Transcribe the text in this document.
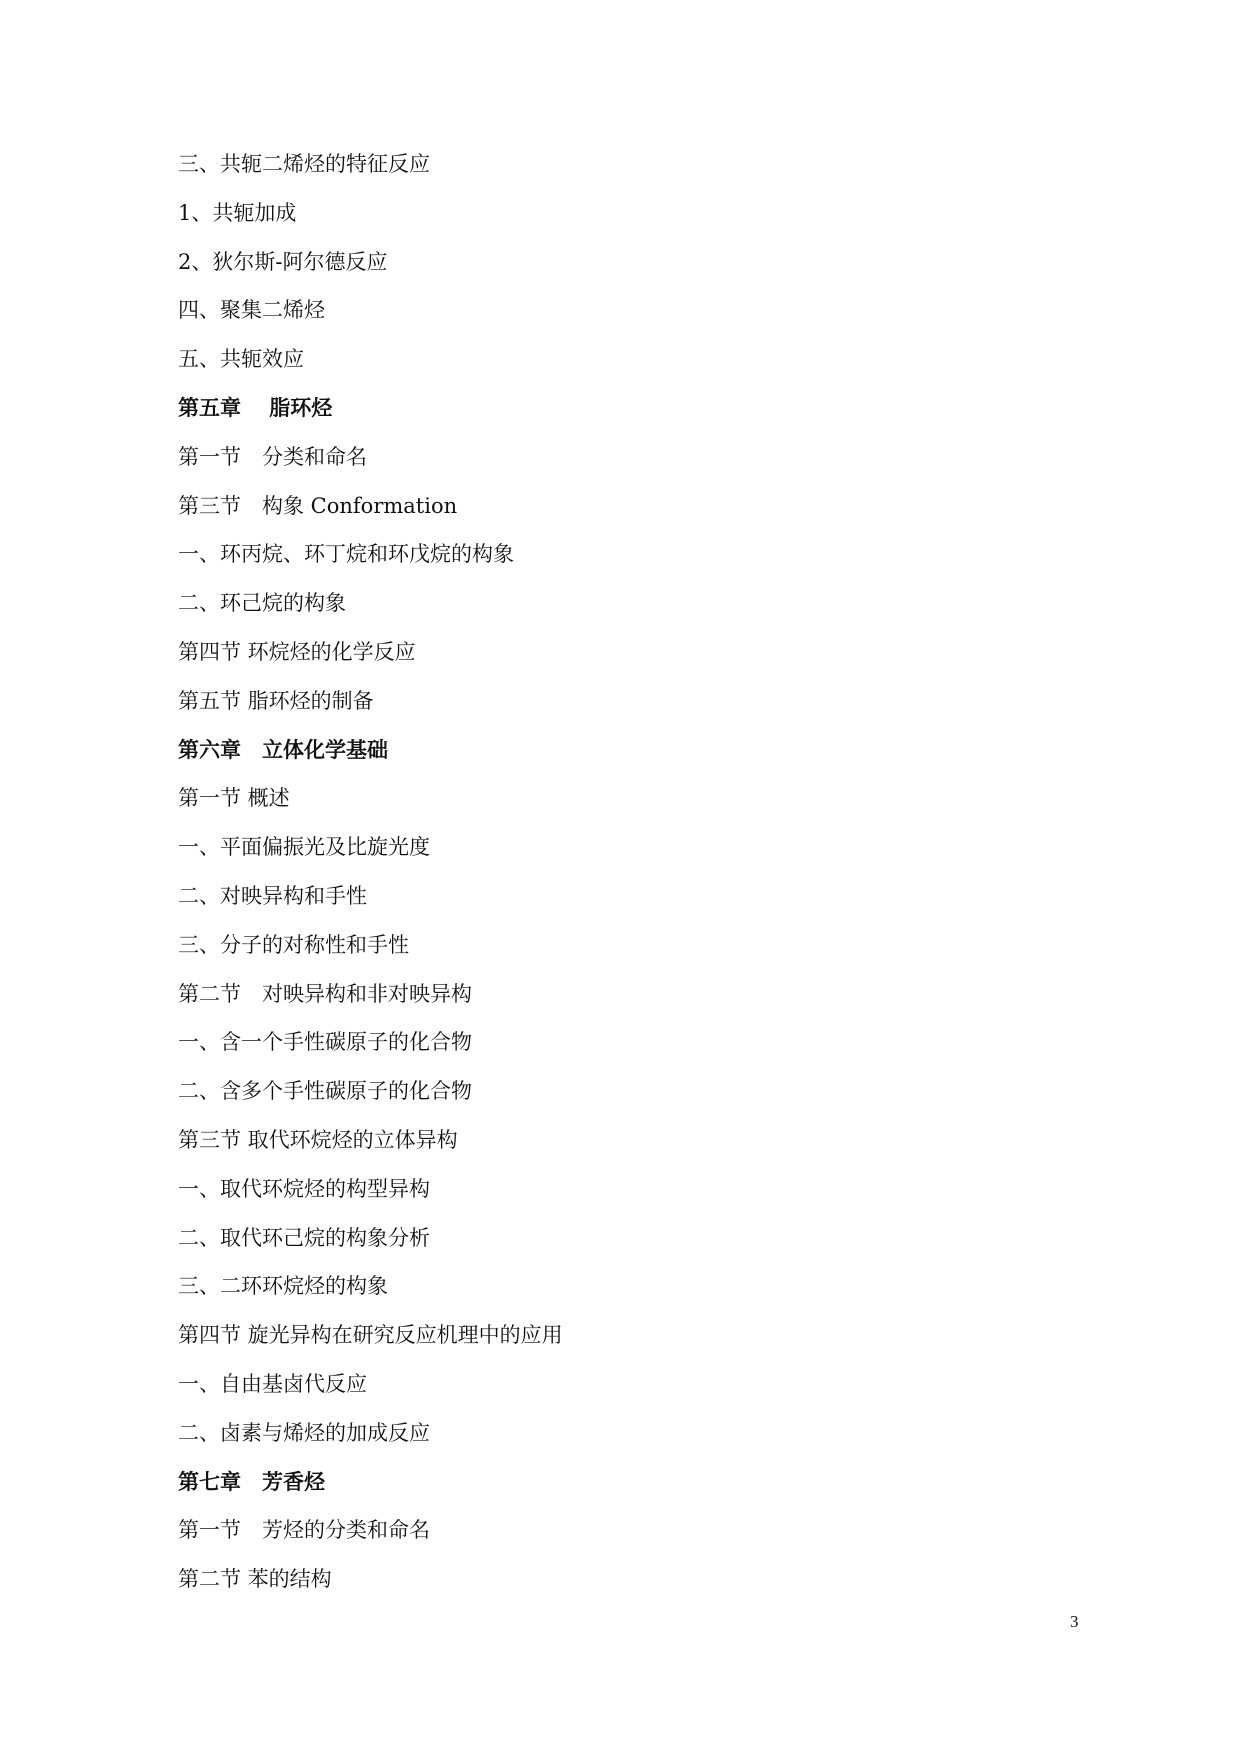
三、共轭二烯烃的特征反应
1、共轭加成
2、狄尔斯-阿尔德反应
四、聚集二烯烃
五、共轭效应
第五章　 脂环烃
第一节　分类和命名
第三节　构象 Conformation
一、环丙烷、环丁烷和环戊烷的构象
二、环己烷的构象
第四节 环烷烃的化学反应
第五节 脂环烃的制备
第六章　立体化学基础
第一节 概述
一、平面偏振光及比旋光度
二、对映异构和手性
三、分子的对称性和手性
第二节　对映异构和非对映异构
一、含一个手性碳原子的化合物
二、含多个手性碳原子的化合物
第三节 取代环烷烃的立体异构
一、取代环烷烃的构型异构
二、取代环己烷的构象分析
三、二环环烷烃的构象
第四节 旋光异构在研究反应机理中的应用
一、自由基卤代反应
二、卤素与烯烃的加成反应
第七章　芳香烃
第一节　芳烃的分类和命名
第二节 苯的结构
3
